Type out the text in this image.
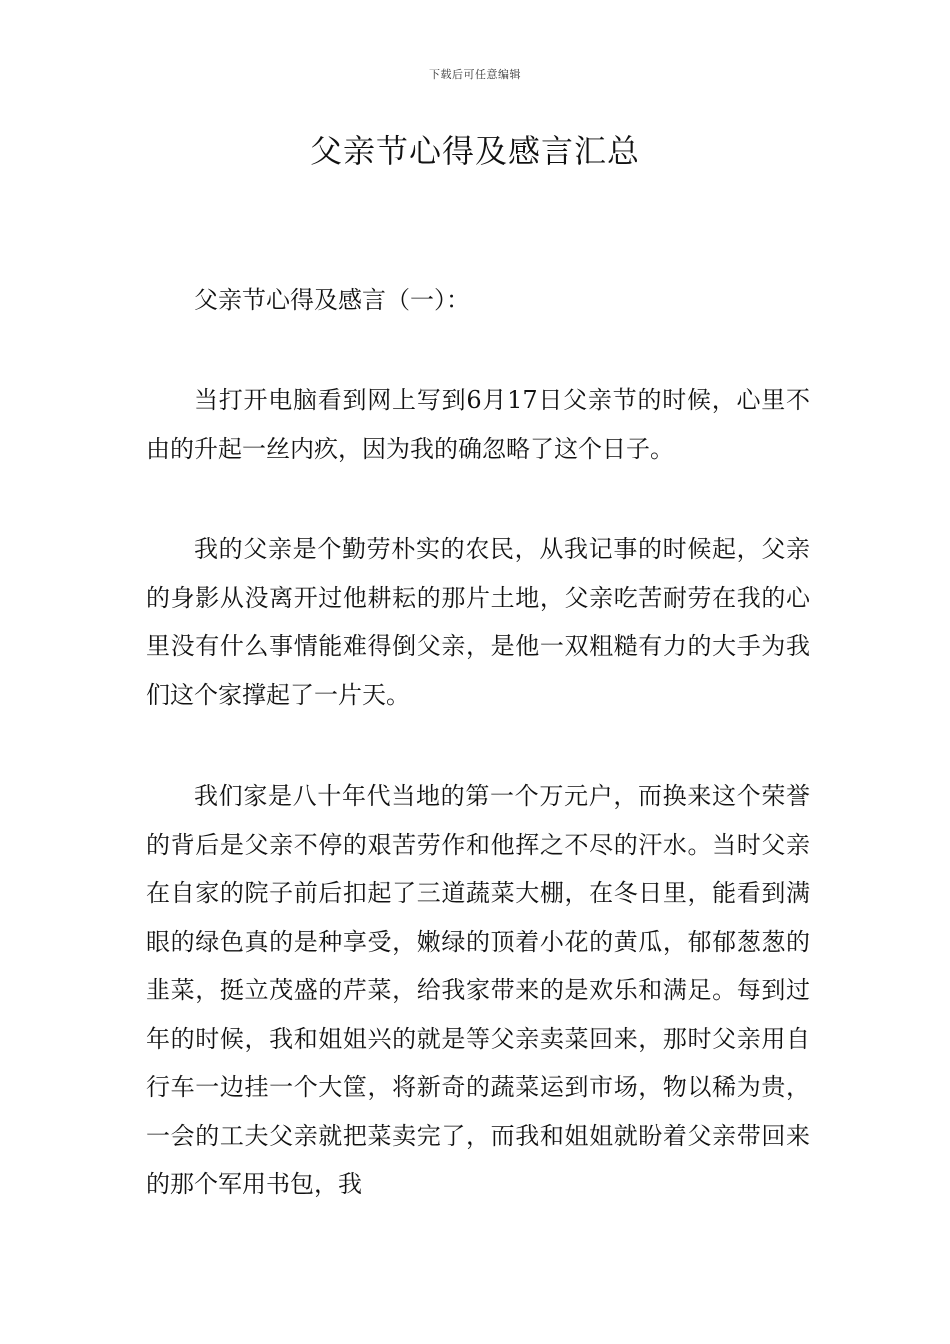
下载后可任意编辑
父亲节心得及感言汇总

父亲节心得及感言（一）：

当打开电脑看到网上写到6月17日父亲节的时候，心里不由的升起一丝内疚，因为我的确忽略了这个日子。

我的父亲是个勤劳朴实的农民，从我记事的时候起，父亲的身影从没离开过他耕耘的那片土地，父亲吃苦耐劳在我的心里没有什么事情能难得倒父亲，是他一双粗糙有力的大手为我们这个家撑起了一片天。

我们家是八十年代当地的第一个万元户，而换来这个荣誉的背后是父亲不停的艰苦劳作和他挥之不尽的汗水。当时父亲在自家的院子前后扣起了三道蔬菜大棚，在冬日里，能看到满眼的绿色真的是种享受，嫩绿的顶着小花的黄瓜，郁郁葱葱的韭菜，挺立茂盛的芹菜，给我家带来的是欢乐和满足。每到过年的时候，我和姐姐兴的就是等父亲卖菜回来，那时父亲用自行车一边挂一个大筐，将新奇的蔬菜运到市场，物以稀为贵，一会的工夫父亲就把菜卖完了，而我和姐姐就盼着父亲带回来的那个军用书包，我
